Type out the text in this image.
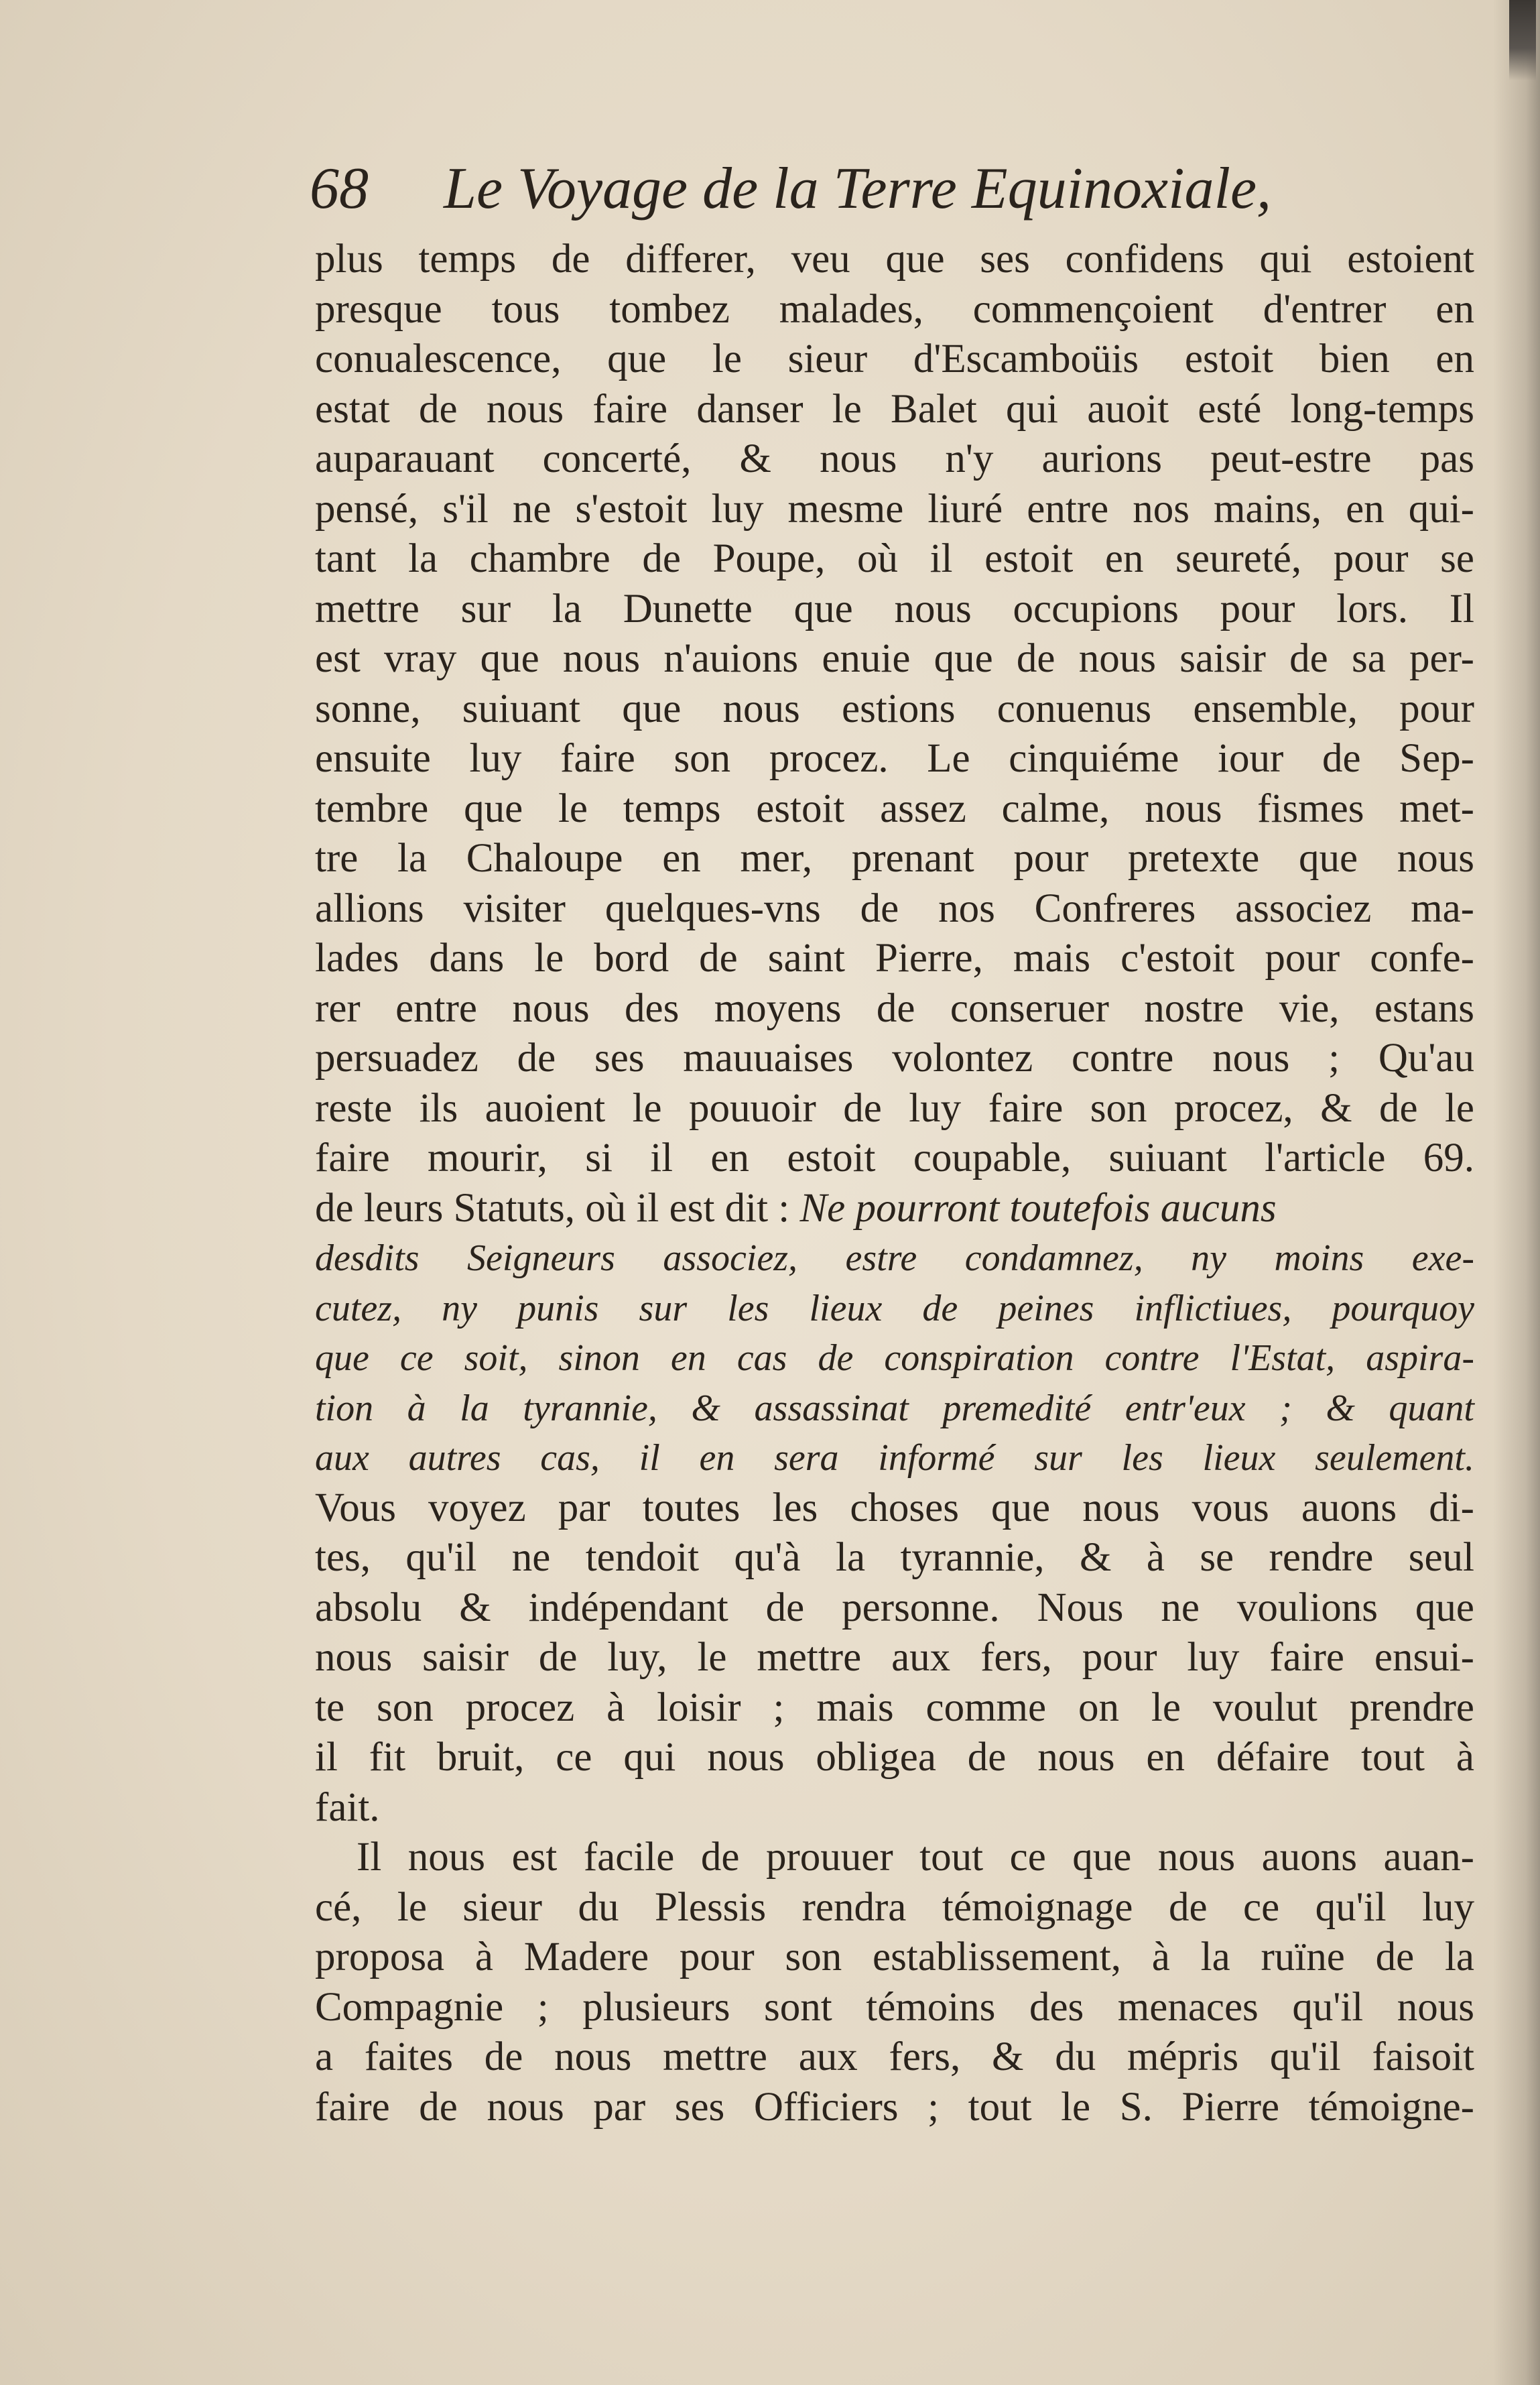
68 Le Voyage de la Terre Equinoxiale,
plus temps de differer, veu que ses confidens qui estoient
presque tous tombez malades, commençoient d'entrer en
conualescence, que le sieur d'Escamboüis estoit bien en
estat de nous faire danser le Balet qui auoit esté long-temps
auparauant concerté, & nous n'y aurions peut-estre pas
pensé, s'il ne s'estoit luy mesme liuré entre nos mains, en qui-
tant la chambre de Poupe, où il estoit en seureté, pour se
mettre sur la Dunette que nous occupions pour lors. Il
est vray que nous n'auions enuie que de nous saisir de sa per-
sonne, suiuant que nous estions conuenus ensemble, pour
ensuite luy faire son procez. Le cinquiéme iour de Sep-
tembre que le temps estoit assez calme, nous fismes met-
tre la Chaloupe en mer, prenant pour pretexte que nous
allions visiter quelques-vns de nos Confreres associez ma-
lades dans le bord de saint Pierre, mais c'estoit pour confe-
rer entre nous des moyens de conseruer nostre vie, estans
persuadez de ses mauuaises volontez contre nous ; Qu'au
reste ils auoient le pouuoir de luy faire son procez, & de le
faire mourir, si il en estoit coupable, suiuant l'article 69.
de leurs Statuts, où il est dit : Ne pourront toutefois aucuns
desdits Seigneurs associez, estre condamnez, ny moins exe-
cutez, ny punis sur les lieux de peines inflictiues, pourquoy
que ce soit, sinon en cas de conspiration contre l'Estat, aspira-
tion à la tyrannie, & assassinat premedité entr'eux ; & quant
aux autres cas, il en sera informé sur les lieux seulement.
Vous voyez par toutes les choses que nous vous auons di-
tes, qu'il ne tendoit qu'à la tyrannie, & à se rendre seul
absolu & indépendant de personne. Nous ne voulions que
nous saisir de luy, le mettre aux fers, pour luy faire ensui-
te son procez à loisir ; mais comme on le voulut prendre
il fit bruit, ce qui nous obligea de nous en défaire tout à
fait.
Il nous est facile de prouuer tout ce que nous auons auan-
cé, le sieur du Plessis rendra témoignage de ce qu'il luy
proposa à Madere pour son establissement, à la ruïne de la
Compagnie ; plusieurs sont témoins des menaces qu'il nous
a faites de nous mettre aux fers, & du mépris qu'il faisoit
faire de nous par ses Officiers ; tout le S. Pierre témoigne-
